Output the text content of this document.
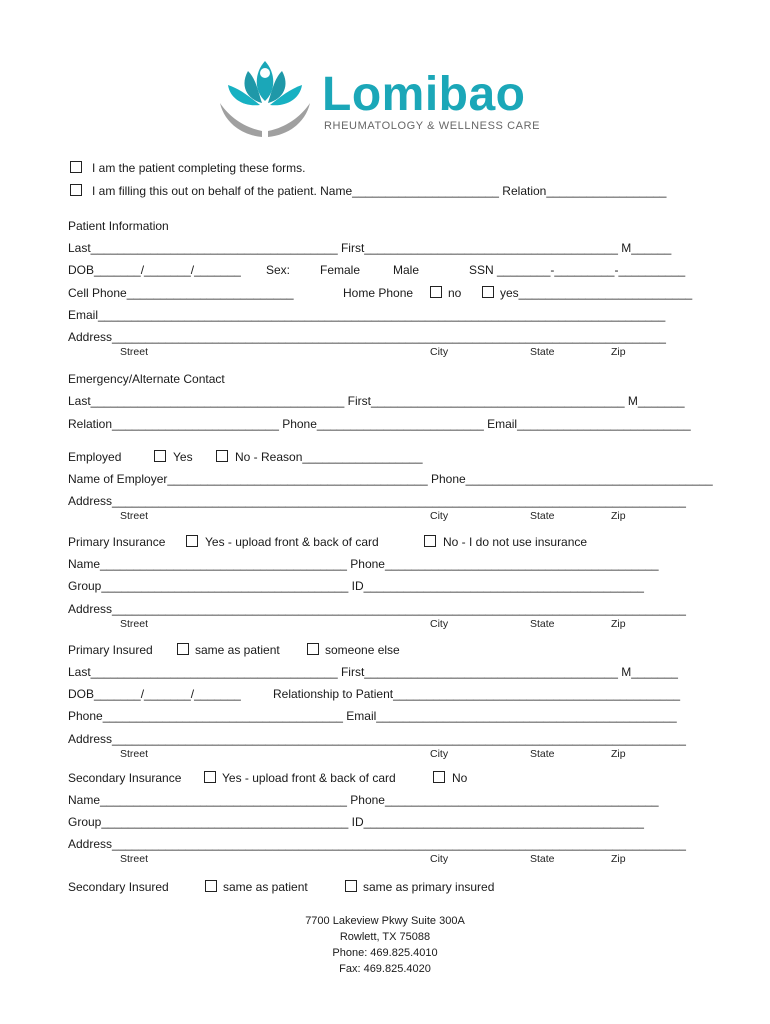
Lomibao
RHEUMATOLOGY & WELLNESS CARE
I am the patient completing these forms.
I am filling this out on behalf of the patient. Name______________________ Relation__________________
Patient Information
Last_____________________________________ First______________________________________ M______
DOB_______/_______/_______ Sex: Female	Male	SSN ________-_________-__________
Cell Phone_________________________	Home Phone	no	yes__________________________
Email_____________________________________________________________________________________
Address___________________________________________________________________________________
Street	City	State	Zip
Emergency/Alternate Contact
Last______________________________________ First______________________________________ M_______
Relation_________________________ Phone_________________________ Email__________________________
Employed	Yes	No - Reason__________________
Name of Employer_______________________________________ Phone_____________________________________
Address______________________________________________________________________________________
Street	City	State	Zip
Primary Insurance	Yes - upload front & back of card	No - I do not use insurance
Name_____________________________________ Phone_________________________________________
Group_____________________________________ ID__________________________________________
Address______________________________________________________________________________________
Street	City	State	Zip
Primary Insured	same as patient	someone else
Last_____________________________________ First______________________________________ M_______
DOB_______/_______/_______	Relationship to Patient___________________________________________
Phone____________________________________ Email_____________________________________________
Address______________________________________________________________________________________
Street	City	State	Zip
Secondary Insurance	Yes - upload front & back of card	No
Name_____________________________________ Phone_________________________________________
Group_____________________________________ ID__________________________________________
Address______________________________________________________________________________________
Street	City	State	Zip
Secondary Insured	same as patient	same as primary insured
7700 Lakeview Pkwy Suite 300A
Rowlett, TX 75088
Phone: 469.825.4010
Fax: 469.825.4020
